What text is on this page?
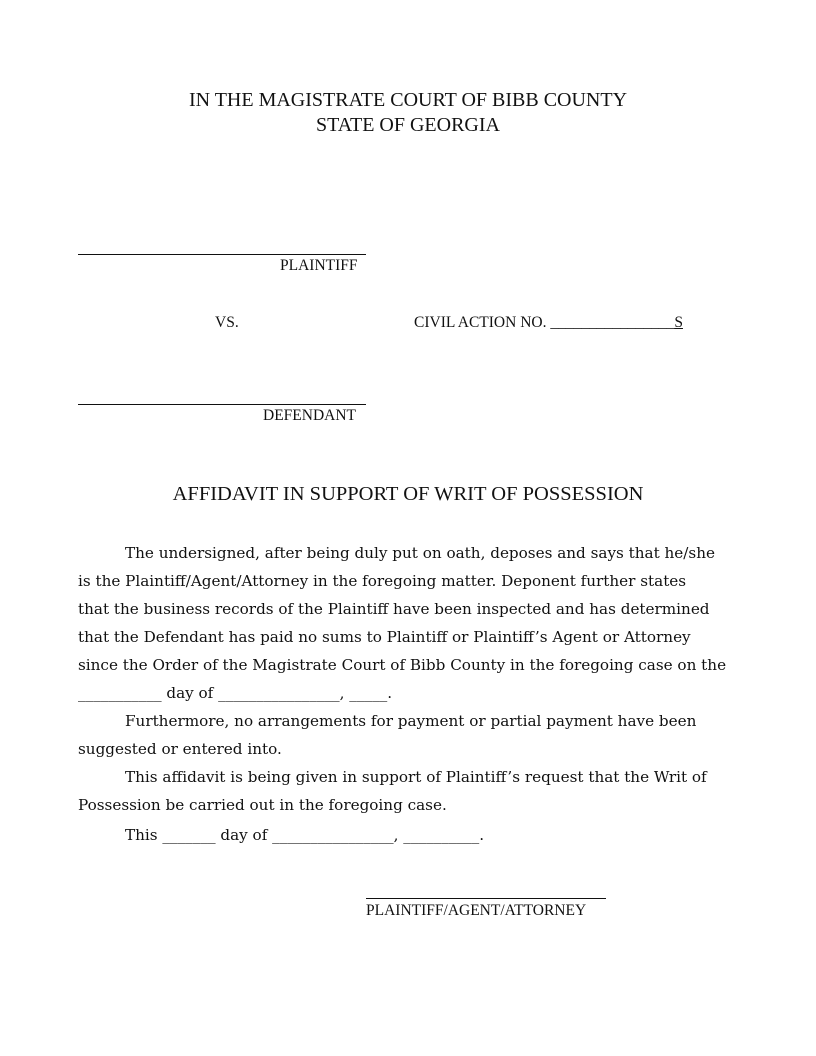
IN THE MAGISTRATE COURT OF BIBB COUNTY
STATE OF GEORGIA
PLAINTIFF
VS.	CIVIL ACTION NO. ________________S
DEFENDANT
AFFIDAVIT IN SUPPORT OF WRIT OF POSSESSION
The undersigned, after being duly put on oath, deposes and says that he/she
is the Plaintiff/Agent/Attorney in the foregoing matter. Deponent further states
that the business records of the Plaintiff have been inspected and has determined
that the Defendant has paid no sums to Plaintiff or Plaintiff’s Agent or Attorney
since the Order of the Magistrate Court of Bibb County in the foregoing case on the
___________ day of ________________, _____.
Furthermore, no arrangements for payment or partial payment have been
suggested or entered into.
This affidavit is being given in support of Plaintiff’s request that the Writ of
Possession be carried out in the foregoing case.
This _______ day of ________________, __________.
PLAINTIFF/AGENT/ATTORNEY
